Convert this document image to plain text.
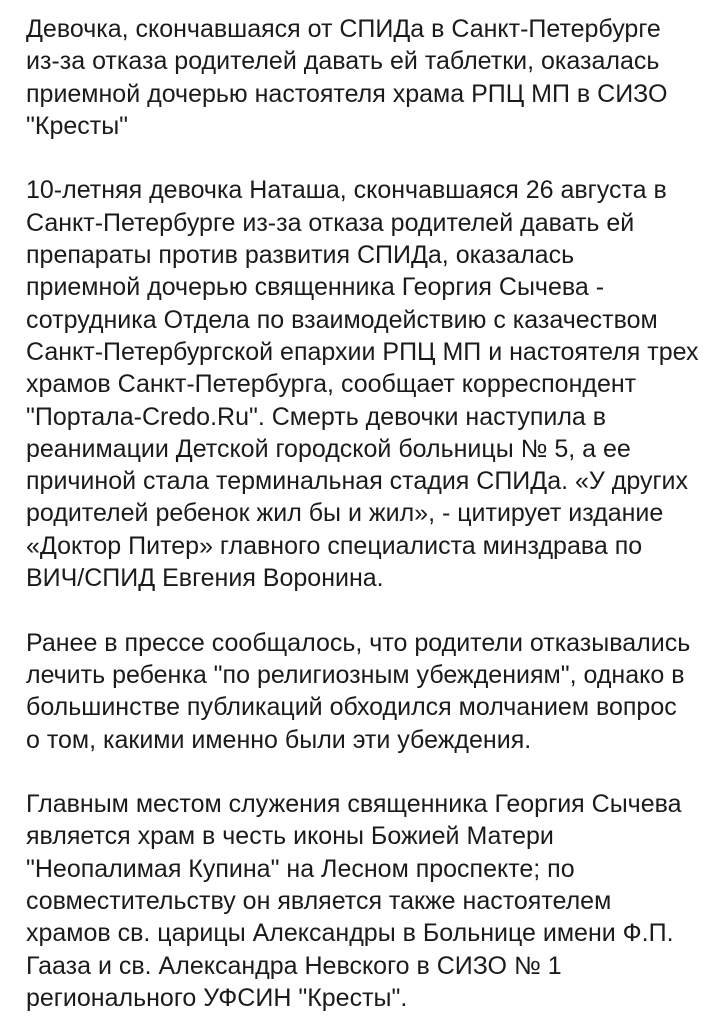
Девочка, скончавшаяся от СПИДа в Санкт-Петербурге
из-за отказа родителей давать ей таблетки, оказалась
приемной дочерью настоятеля храма РПЦ МП в СИЗО
"Кресты"
10-летняя девочка Наташа, скончавшаяся 26 августа в
Санкт-Петербурге из-за отказа родителей давать ей
препараты против развития СПИДа, оказалась
приемной дочерью священника Георгия Сычева -
сотрудника Отдела по взаимодействию с казачеством
Санкт-Петербургской епархии РПЦ МП и настоятеля трех
храмов Санкт-Петербурга, сообщает корреспондент
"Портала-Credo.Ru". Смерть девочки наступила в
реанимации Детской городской больницы № 5, а ее
причиной стала терминальная стадия СПИДа. «У других
родителей ребенок жил бы и жил», - цитирует издание
«Доктор Питер» главного специалиста минздрава по
ВИЧ/СПИД Евгения Воронина.
Ранее в прессе сообщалось, что родители отказывались
лечить ребенка "по религиозным убеждениям", однако в
большинстве публикаций обходился молчанием вопрос
о том, какими именно были эти убеждения.
Главным местом служения священника Георгия Сычева
является храм в честь иконы Божией Матери
"Неопалимая Купина" на Лесном проспекте; по
совместительству он является также настоятелем
храмов св. царицы Александры в Больнице имени Ф.П.
Гааза и св. Александра Невского в СИЗО № 1
регионального УФСИН "Кресты".
